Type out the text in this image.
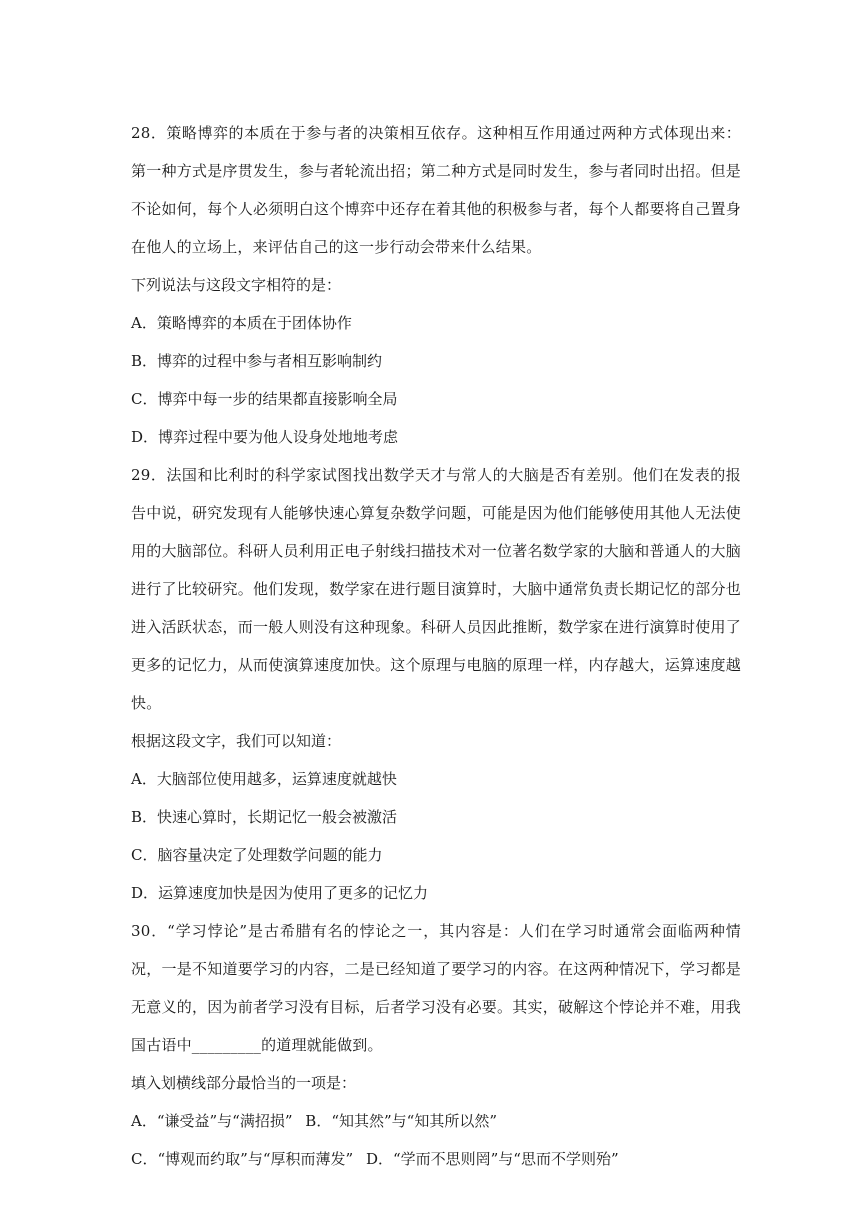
28．策略博弈的本质在于参与者的决策相互依存。这种相互作用通过两种方式体现出来：第一种方式是序贯发生，参与者轮流出招；第二种方式是同时发生，参与者同时出招。但是不论如何，每个人必须明白这个博弈中还存在着其他的积极参与者，每个人都要将自己置身在他人的立场上，来评估自己的这一步行动会带来什么结果。

下列说法与这段文字相符的是：

A．策略博弈的本质在于团体协作
B．博弈的过程中参与者相互影响制约
C．博弈中每一步的结果都直接影响全局
D．博弈过程中要为他人设身处地地考虑

29．法国和比利时的科学家试图找出数学天才与常人的大脑是否有差别。他们在发表的报告中说，研究发现有人能够快速心算复杂数学问题，可能是因为他们能够使用其他人无法使用的大脑部位。科研人员利用正电子射线扫描技术对一位著名数学家的大脑和普通人的大脑进行了比较研究。他们发现，数学家在进行题目演算时，大脑中通常负责长期记忆的部分也进入活跃状态，而一般人则没有这种现象。科研人员因此推断，数学家在进行演算时使用了更多的记忆力，从而使演算速度加快。这个原理与电脑的原理一样，内存越大，运算速度越快。

根据这段文字，我们可以知道：

A．大脑部位使用越多，运算速度就越快
B．快速心算时，长期记忆一般会被激活
C．脑容量决定了处理数学问题的能力
D．运算速度加快是因为使用了更多的记忆力

30．“学习悖论”是古希腊有名的悖论之一，其内容是：人们在学习时通常会面临两种情况，一是不知道要学习的内容，二是已经知道了要学习的内容。在这两种情况下，学习都是无意义的，因为前者学习没有目标，后者学习没有必要。其实，破解这个悖论并不难，用我国古语中_________的道理就能做到。

填入划横线部分最恰当的一项是：

A．“谦受益”与“满招损” B．“知其然”与“知其所以然”
C．“博观而约取”与“厚积而薄发” D．“学而不思则罔”与“思而不学则殆”
